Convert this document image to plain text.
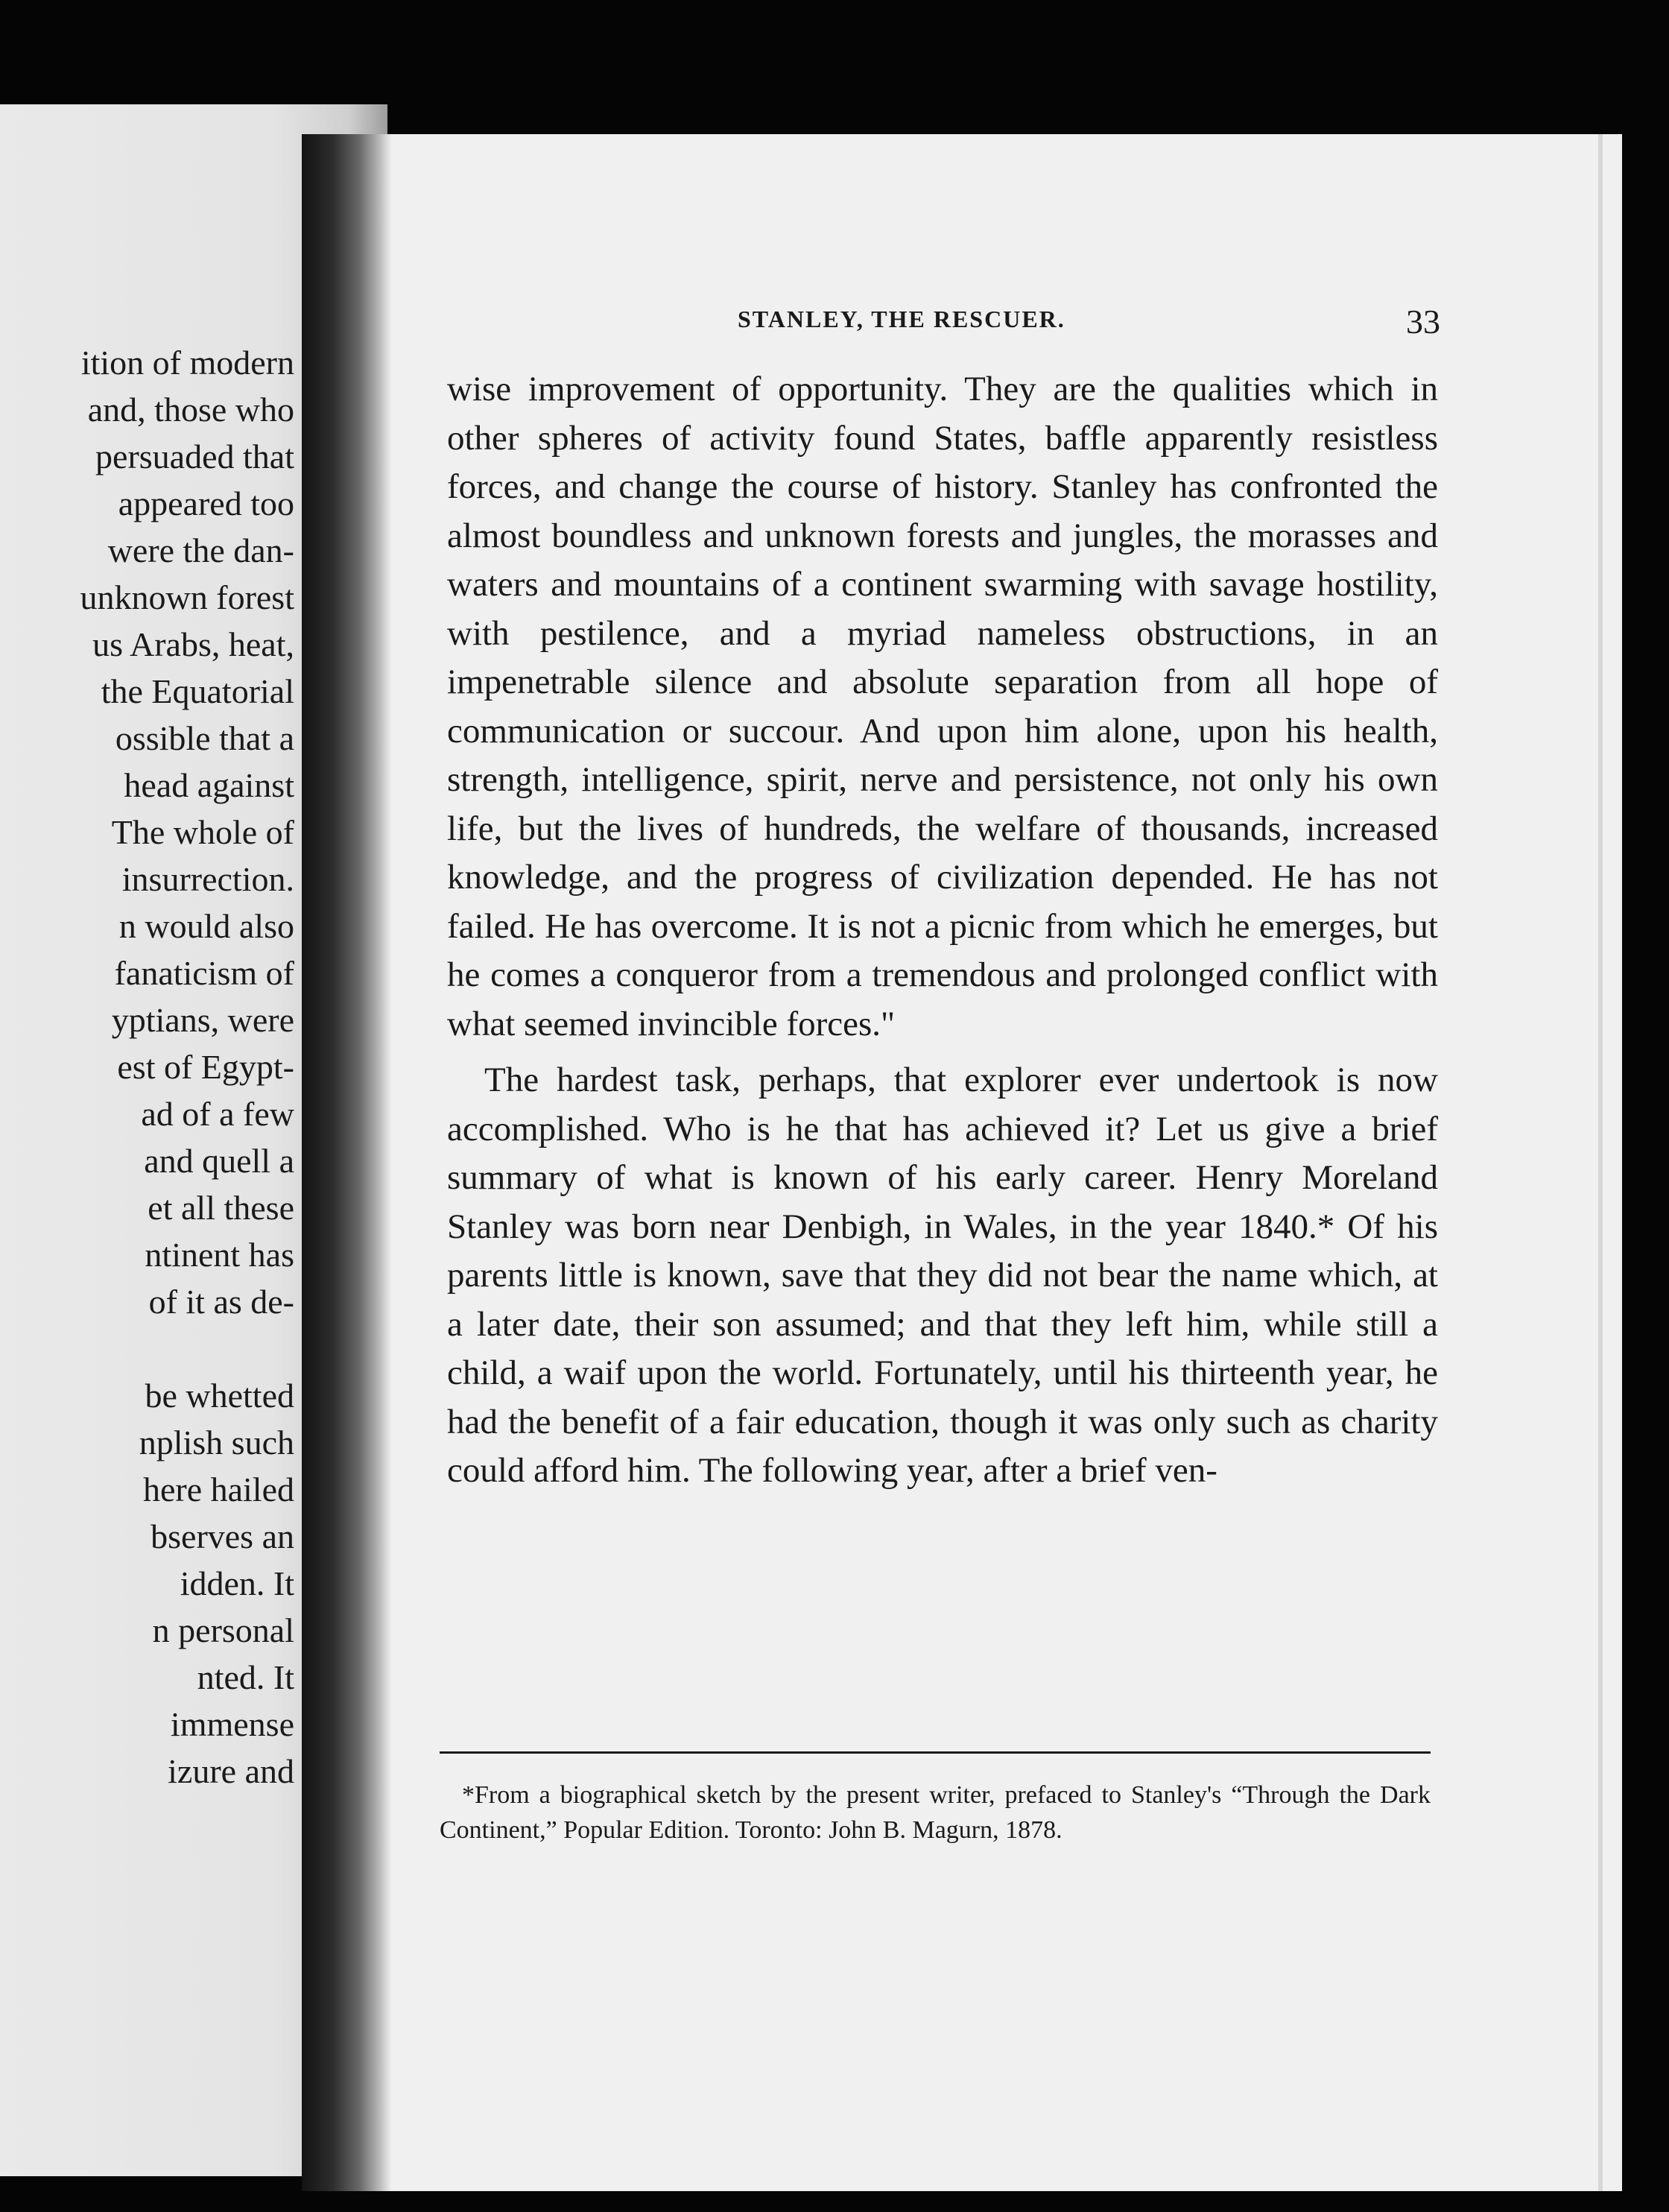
ition of modern
and, those who
persuaded that
appeared too
were the dan-
unknown forest
us Arabs, heat,
the Equatorial
ossible that a
head against
The whole of
insurrection.
n would also
fanaticism of
yptians, were
est of Egypt-
ad of a few
and quell a
et all these
ntinent has
of it as de-
be whetted
nplish such
here hailed
bserves an
idden. It
n personal
nted. It
immense
izure and
STANLEY, THE RESCUER.	33

wise improvement of opportunity. They are the qualities which in other spheres of activity found States, baffle apparently resistless forces, and change the course of history. Stanley has confronted the almost boundless and unknown forests and jungles, the morasses and waters and mountains of a continent swarming with savage hostility, with pestilence, and a myriad nameless obstructions, in an impenetrable silence and absolute separation from all hope of communication or succour. And upon him alone, upon his health, strength, intelligence, spirit, nerve and persistence, not only his own life, but the lives of hundreds, the welfare of thousands, increased knowledge, and the progress of civilization depended. He has not failed. He has overcome. It is not a picnic from which he emerges, but he comes a conqueror from a tremendous and prolonged conflict with what seemed invincible forces."

The hardest task, perhaps, that explorer ever undertook is now accomplished. Who is he that has achieved it? Let us give a brief summary of what is known of his early career. Henry Moreland Stanley was born near Denbigh, in Wales, in the year 1840.* Of his parents little is known, save that they did not bear the name which, at a later date, their son assumed; and that they left him, while still a child, a waif upon the world. Fortunately, until his thirteenth year, he had the benefit of a fair education, though it was only such as charity could afford him. The following year, after a brief ven-

*From a biographical sketch by the present writer, prefaced to Stanley's “Through the Dark Continent,” Popular Edition. Toronto: John B. Magurn, 1878.
